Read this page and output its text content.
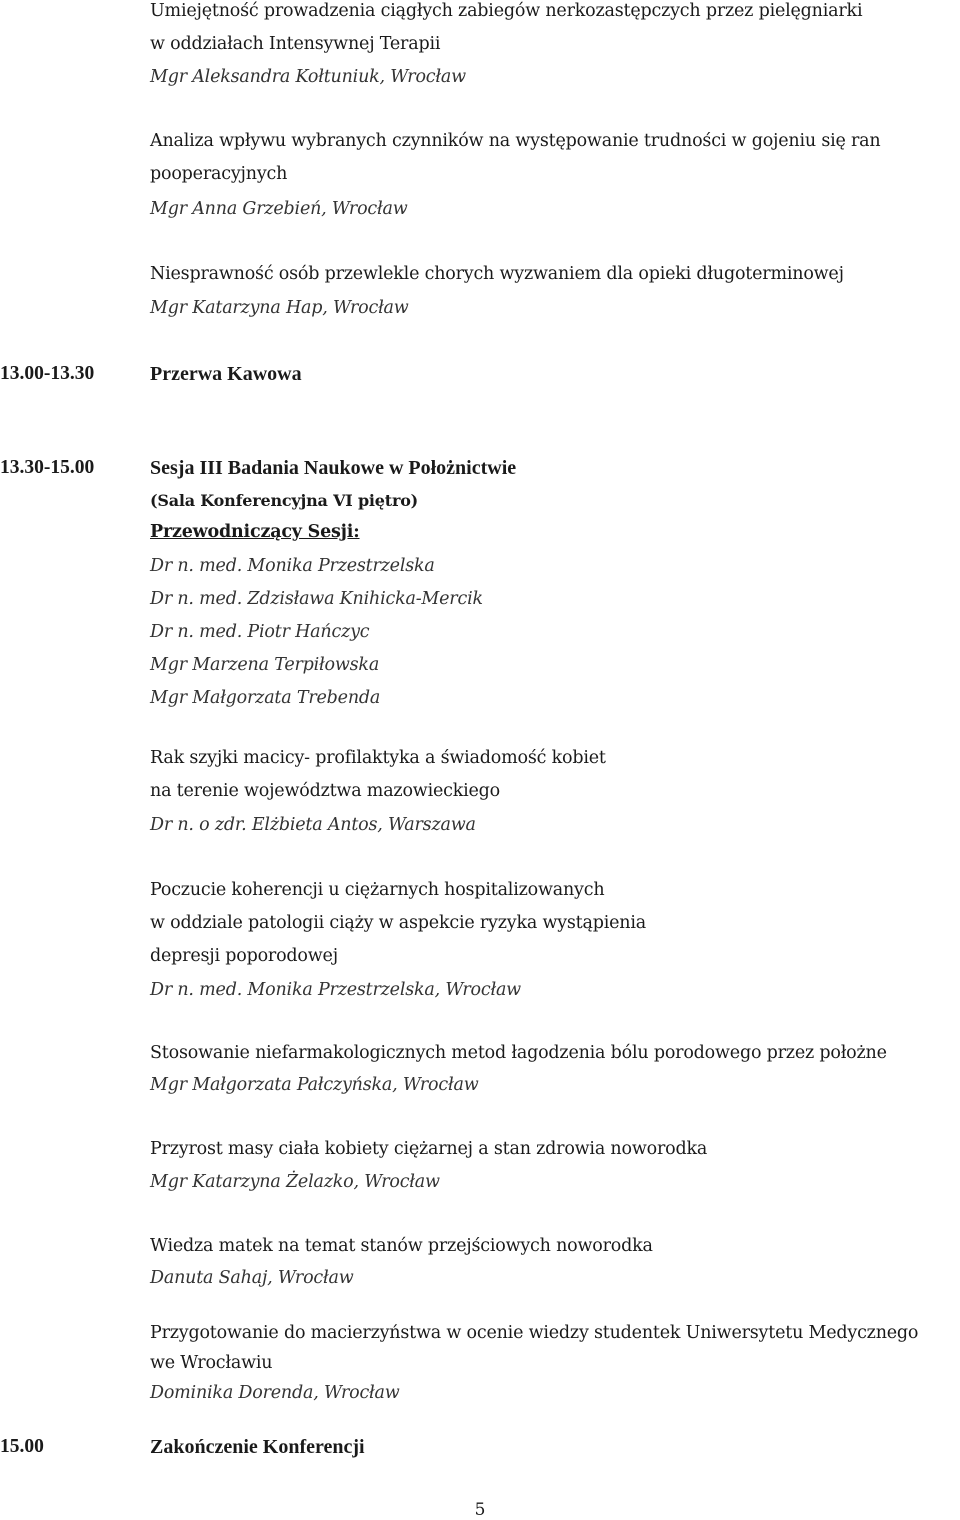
Umiejętność prowadzenia ciągłych zabiegów nerkozastępczych przez pielęgniarki
w oddziałach Intensywnej Terapii
Mgr Aleksandra Kołtuniuk, Wrocław
Analiza wpływu wybranych czynników na występowanie trudności w gojeniu się ran
pooperacyjnych
Mgr Anna Grzebień, Wrocław
Niesprawność osób przewlekle chorych wyzwaniem dla opieki długoterminowej
Mgr Katarzyna Hap, Wrocław
13.00-13.30	Przerwa Kawowa
13.30-15.00	Sesja III Badania Naukowe w Położnictwie
(Sala Konferencyjna VI piętro)
Przewodniczący Sesji:
Dr n. med. Monika Przestrzelska
Dr n. med. Zdzisława Knihicka-Mercik
Dr n. med. Piotr Hańczyc
Mgr Marzena Terpiłowska
Mgr Małgorzata Trebenda
Rak szyjki macicy- profilaktyka a świadomość kobiet
na terenie województwa mazowieckiego
Dr n. o zdr. Elżbieta Antos, Warszawa
Poczucie koherencji u ciężarnych hospitalizowanych
w oddziale patologii ciąży w aspekcie ryzyka wystąpienia
depresji poporodowej
Dr n. med. Monika Przestrzelska, Wrocław
Stosowanie niefarmakologicznych metod łagodzenia bólu porodowego przez położne
Mgr Małgorzata Pałczyńska, Wrocław
Przyrost masy ciała kobiety ciężarnej a stan zdrowia noworodka
Mgr Katarzyna Żelazko, Wrocław
Wiedza matek na temat stanów przejściowych noworodka
Danuta Sahaj, Wrocław
Przygotowanie do macierzyństwa w ocenie wiedzy studentek Uniwersytetu Medycznego
we Wrocławiu
Dominika Dorenda, Wrocław
15.00	Zakończenie Konferencji
5
